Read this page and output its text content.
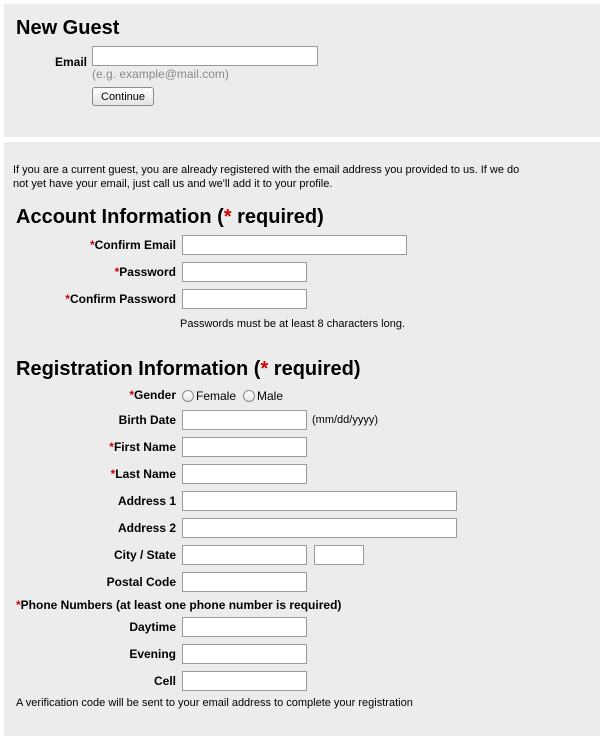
New Guest
Email
(e.g. example@mail.com)
Continue
If you are a current guest, you are already registered with the email address you provided to us. If we do
not yet have your email, just call us and we'll add it to your profile.
Account Information (* required)
*Confirm Email
*Password
*Confirm Password
Passwords must be at least 8 characters long.
Registration Information (* required)
*Gender Female Male
Birth Date	(mm/dd/yyyy)
*First Name
*Last Name
Address 1
Address 2
City / State
Postal Code
*Phone Numbers (at least one phone number is required)
Daytime
Evening
Cell
A verification code will be sent to your email address to complete your registration
